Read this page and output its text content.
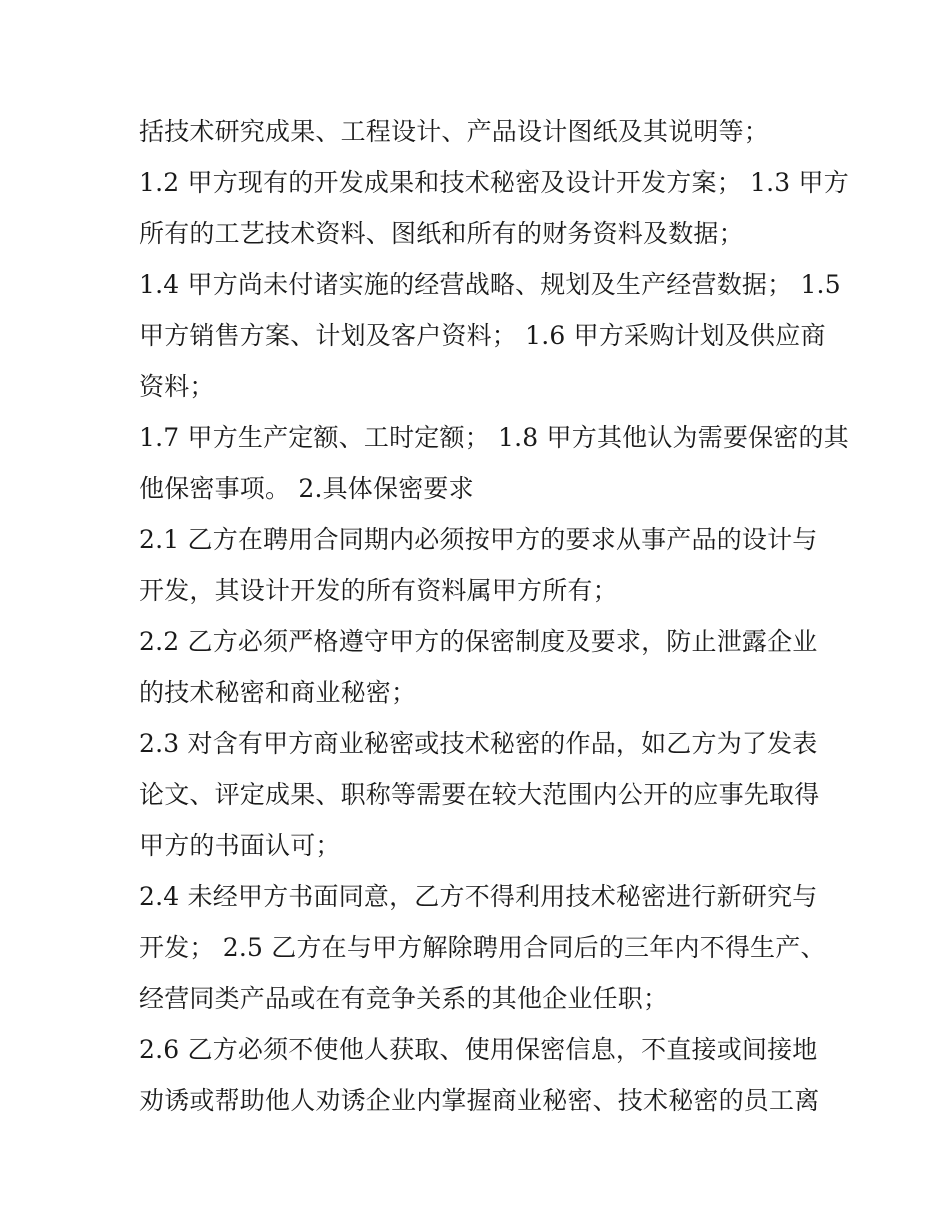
括技术研究成果、工程设计、产品设计图纸及其说明等；
1.2 甲方现有的开发成果和技术秘密及设计开发方案； 1.3 甲方
所有的工艺技术资料、图纸和所有的财务资料及数据；
1.4 甲方尚未付诸实施的经营战略、规划及生产经营数据； 1.5
甲方销售方案、计划及客户资料； 1.6 甲方采购计划及供应商
资料；
1.7 甲方生产定额、工时定额； 1.8 甲方其他认为需要保密的其
他保密事项。 2.具体保密要求
2.1 乙方在聘用合同期内必须按甲方的要求从事产品的设计与
开发，其设计开发的所有资料属甲方所有；
2.2 乙方必须严格遵守甲方的保密制度及要求，防止泄露企业
的技术秘密和商业秘密；
2.3 对含有甲方商业秘密或技术秘密的作品，如乙方为了发表
论文、评定成果、职称等需要在较大范围内公开的应事先取得
甲方的书面认可；
2.4 未经甲方书面同意，乙方不得利用技术秘密进行新研究与
开发； 2.5 乙方在与甲方解除聘用合同后的三年内不得生产、
经营同类产品或在有竞争关系的其他企业任职；
2.6 乙方必须不使他人获取、使用保密信息，不直接或间接地
劝诱或帮助他人劝诱企业内掌握商业秘密、技术秘密的员工离
